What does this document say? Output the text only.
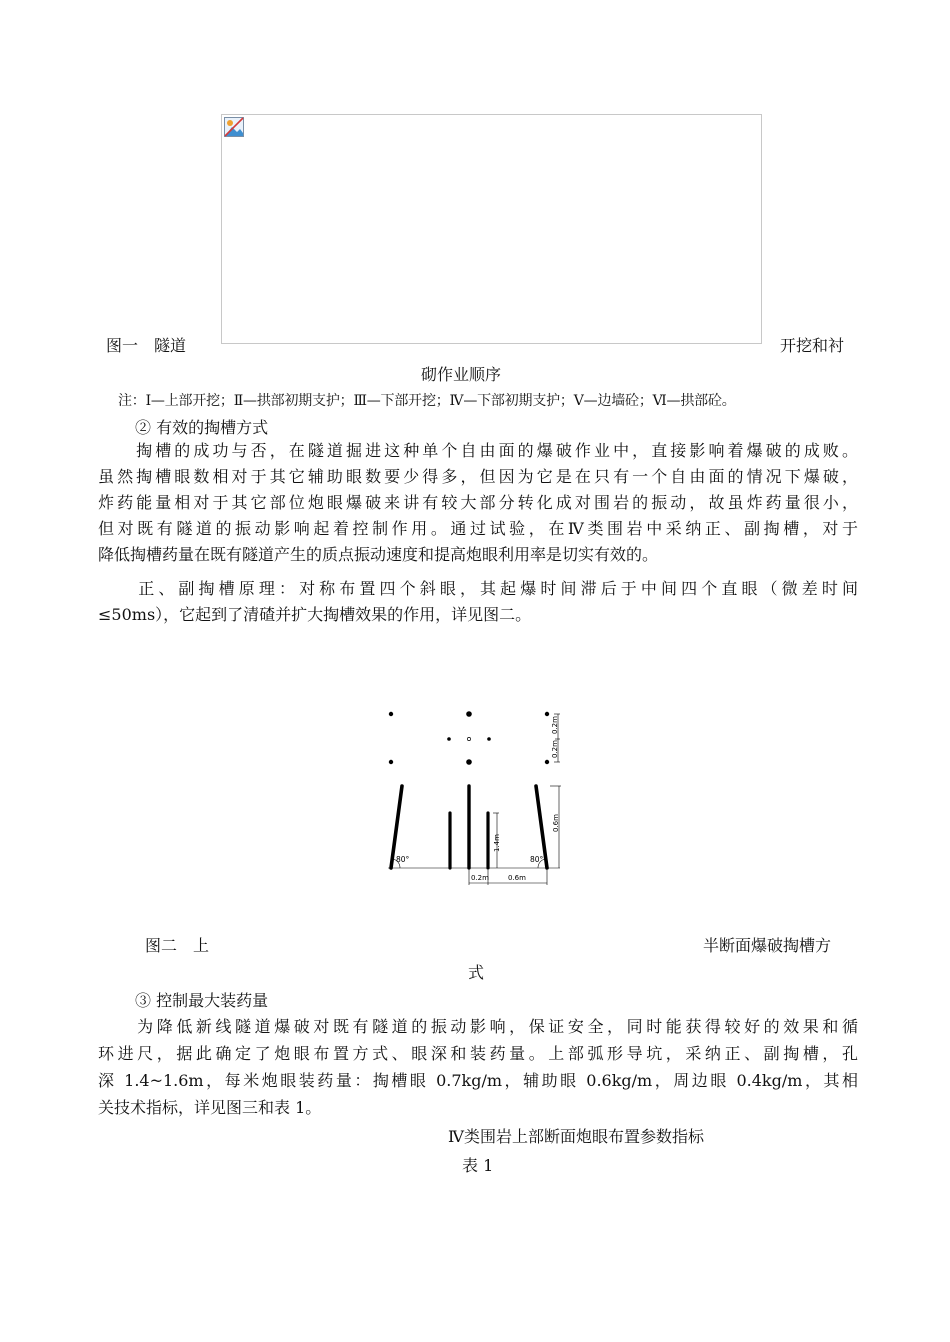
图一　隧道	开挖和衬
砌作业顺序
注：Ⅰ—上部开挖；Ⅱ—拱部初期支护；Ⅲ—下部开挖；Ⅳ—下部初期支护；Ⅴ—边墙砼；Ⅵ—拱部砼。
② 有效的掏槽方式

　　掏槽的成功与否，在隧道掘进这种单个自由面的爆破作业中，直接影响着爆破的成败。

虽然掏槽眼数相对于其它辅助眼数要少得多，但因为它是在只有一个自由面的情况下爆破，

炸药能量相对于其它部位炮眼爆破来讲有较大部分转化成对围岩的振动，故虽炸药量很小，

但对既有隧道的振动影响起着控制作用。通过试验，在Ⅳ类围岩中采纳正、副掏槽，对于

降低掏槽药量在既有隧道产生的质点振动速度和提高炮眼利用率是切实有效的。

　　正、副掏槽原理：对称布置四个斜眼，其起爆时间滞后于中间四个直眼（微差时间

≤50ms），它起到了清碴并扩大掏槽效果的作用，详见图二。

0.2m
0.2m
80°	80°
1.4m
0.6m
0.2m	0.6m
图二　上	半断面爆破掏槽方
式
③ 控制最大装药量

　　为降低新线隧道爆破对既有隧道的振动影响，保证安全，同时能获得较好的效果和循

环进尺，据此确定了炮眼布置方式、眼深和装药量。上部弧形导坑，采纳正、副掏槽，孔

深 1.4~1.6m，每米炮眼装药量：掏槽眼 0.7kg/m，辅助眼 0.6kg/m，周边眼 0.4kg/m，其相

关技术指标，详见图三和表 1。

Ⅳ类围岩上部断面炮眼布置参数指标
表 1
